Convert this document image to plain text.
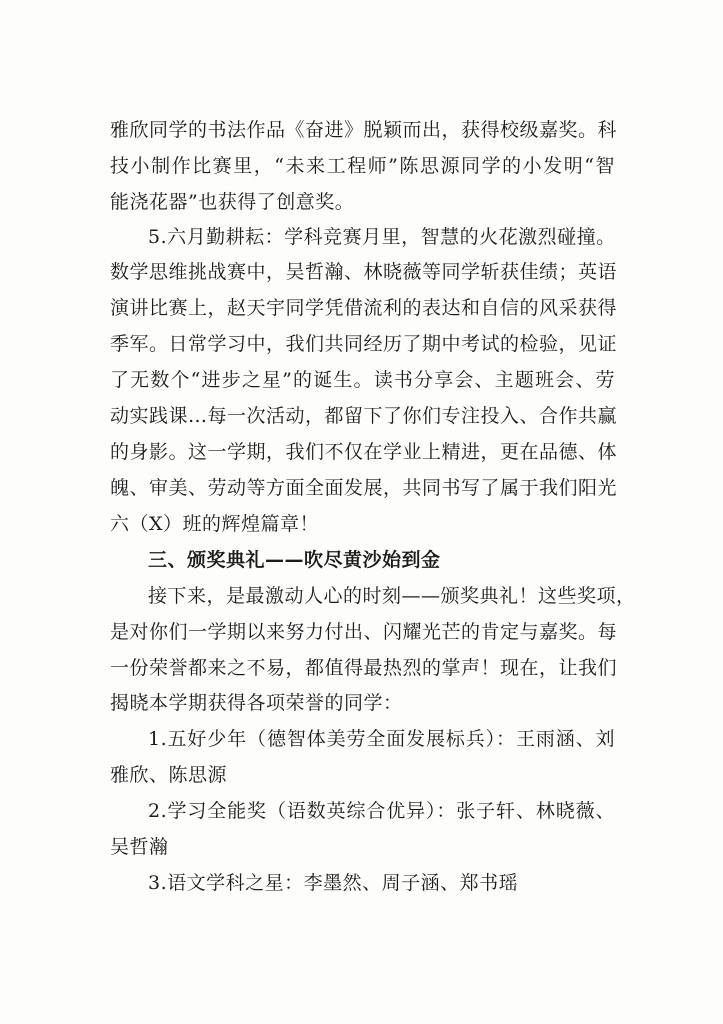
雅欣同学的书法作品《奋进》脱颖而出，获得校级嘉奖。科
技小制作比赛里，“未来工程师”陈思源同学的小发明“智
能浇花器”也获得了创意奖。
5.六月勤耕耘：学科竞赛月里，智慧的火花激烈碰撞。
数学思维挑战赛中，吴哲瀚、林晓薇等同学斩获佳绩；英语
演讲比赛上，赵天宇同学凭借流利的表达和自信的风采获得
季军。日常学习中，我们共同经历了期中考试的检验，见证
了无数个“进步之星”的诞生。读书分享会、主题班会、劳
动实践课…每一次活动，都留下了你们专注投入、合作共赢
的身影。这一学期，我们不仅在学业上精进，更在品德、体
魄、审美、劳动等方面全面发展，共同书写了属于我们阳光
六（X）班的辉煌篇章！
三、颁奖典礼——吹尽黄沙始到金
接下来，是最激动人心的时刻——颁奖典礼！这些奖项，
是对你们一学期以来努力付出、闪耀光芒的肯定与嘉奖。每
一份荣誉都来之不易，都值得最热烈的掌声！现在，让我们
揭晓本学期获得各项荣誉的同学：
1.五好少年（德智体美劳全面发展标兵）：王雨涵、刘
雅欣、陈思源
2.学习全能奖（语数英综合优异）：张子轩、林晓薇、
吴哲瀚
3.语文学科之星：李墨然、周子涵、郑书瑶
